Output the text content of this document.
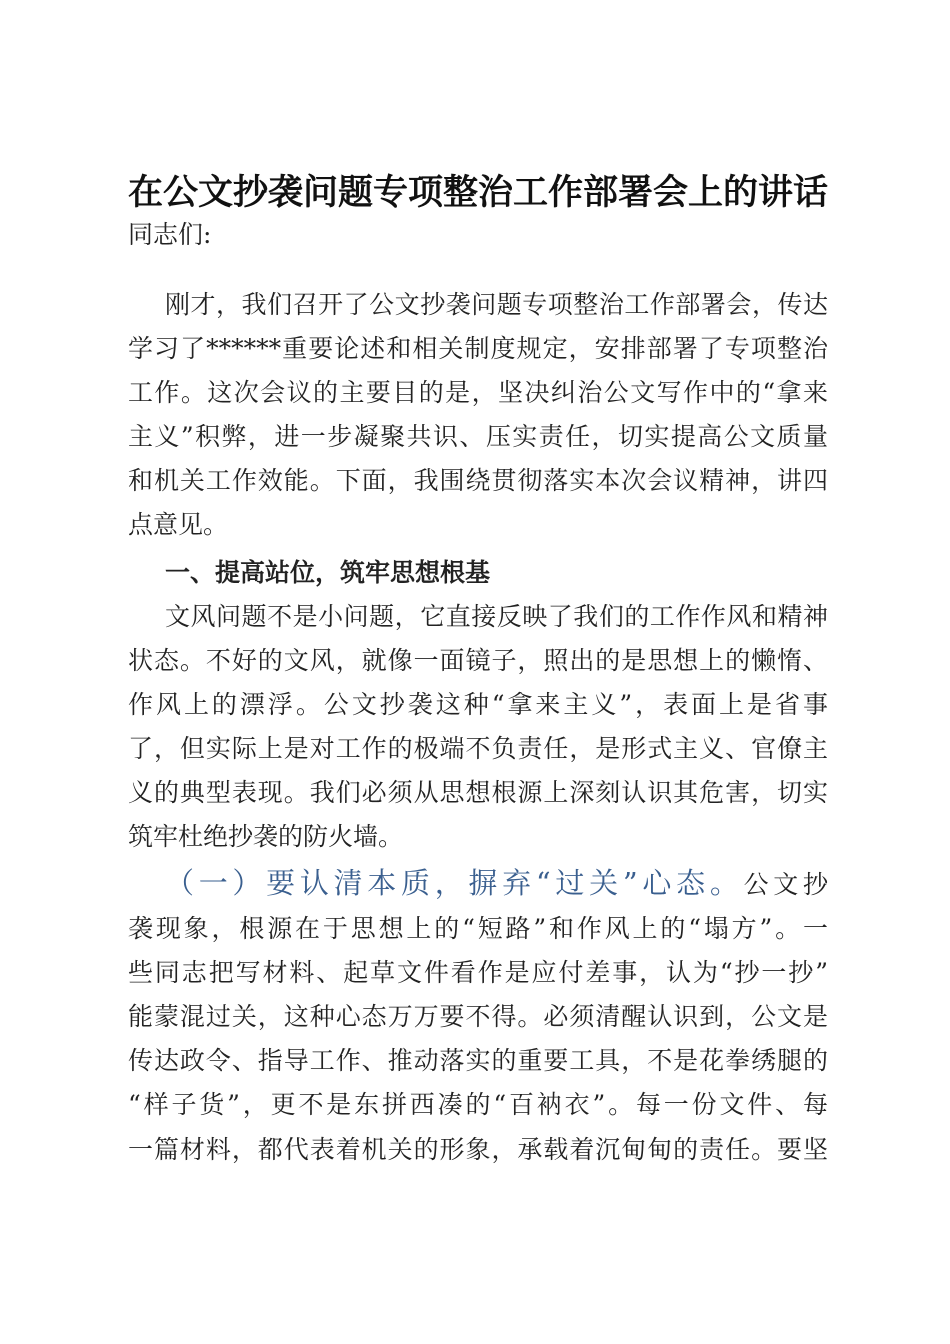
在公文抄袭问题专项整治工作部署会上的讲话
同志们:
刚才，我们召开了公文抄袭问题专项整治工作部署会，传达
学习了******重要论述和相关制度规定，安排部署了专项整治
工作。这次会议的主要目的是，坚决纠治公文写作中的“拿来
主义”积弊，进一步凝聚共识、压实责任，切实提高公文质量
和机关工作效能。下面，我围绕贯彻落实本次会议精神，讲四
点意见。
一、提高站位，筑牢思想根基
文风问题不是小问题，它直接反映了我们的工作作风和精神
状态。不好的文风，就像一面镜子，照出的是思想上的懒惰、
作风上的漂浮。公文抄袭这种“拿来主义”，表面上是省事
了，但实际上是对工作的极端不负责任，是形式主义、官僚主
义的典型表现。我们必须从思想根源上深刻认识其危害，切实
筑牢杜绝抄袭的防火墙。
（一）要认清本质，摒弃“过关”心态。公文抄
袭现象，根源在于思想上的“短路”和作风上的“塌方”。一
些同志把写材料、起草文件看作是应付差事，认为“抄一抄”
能蒙混过关，这种心态万万要不得。必须清醒认识到，公文是
传达政令、指导工作、推动落实的重要工具，不是花拳绣腿的
“样子货”，更不是东拼西凑的“百衲衣”。每一份文件、每
一篇材料，都代表着机关的形象，承载着沉甸甸的责任。要坚
